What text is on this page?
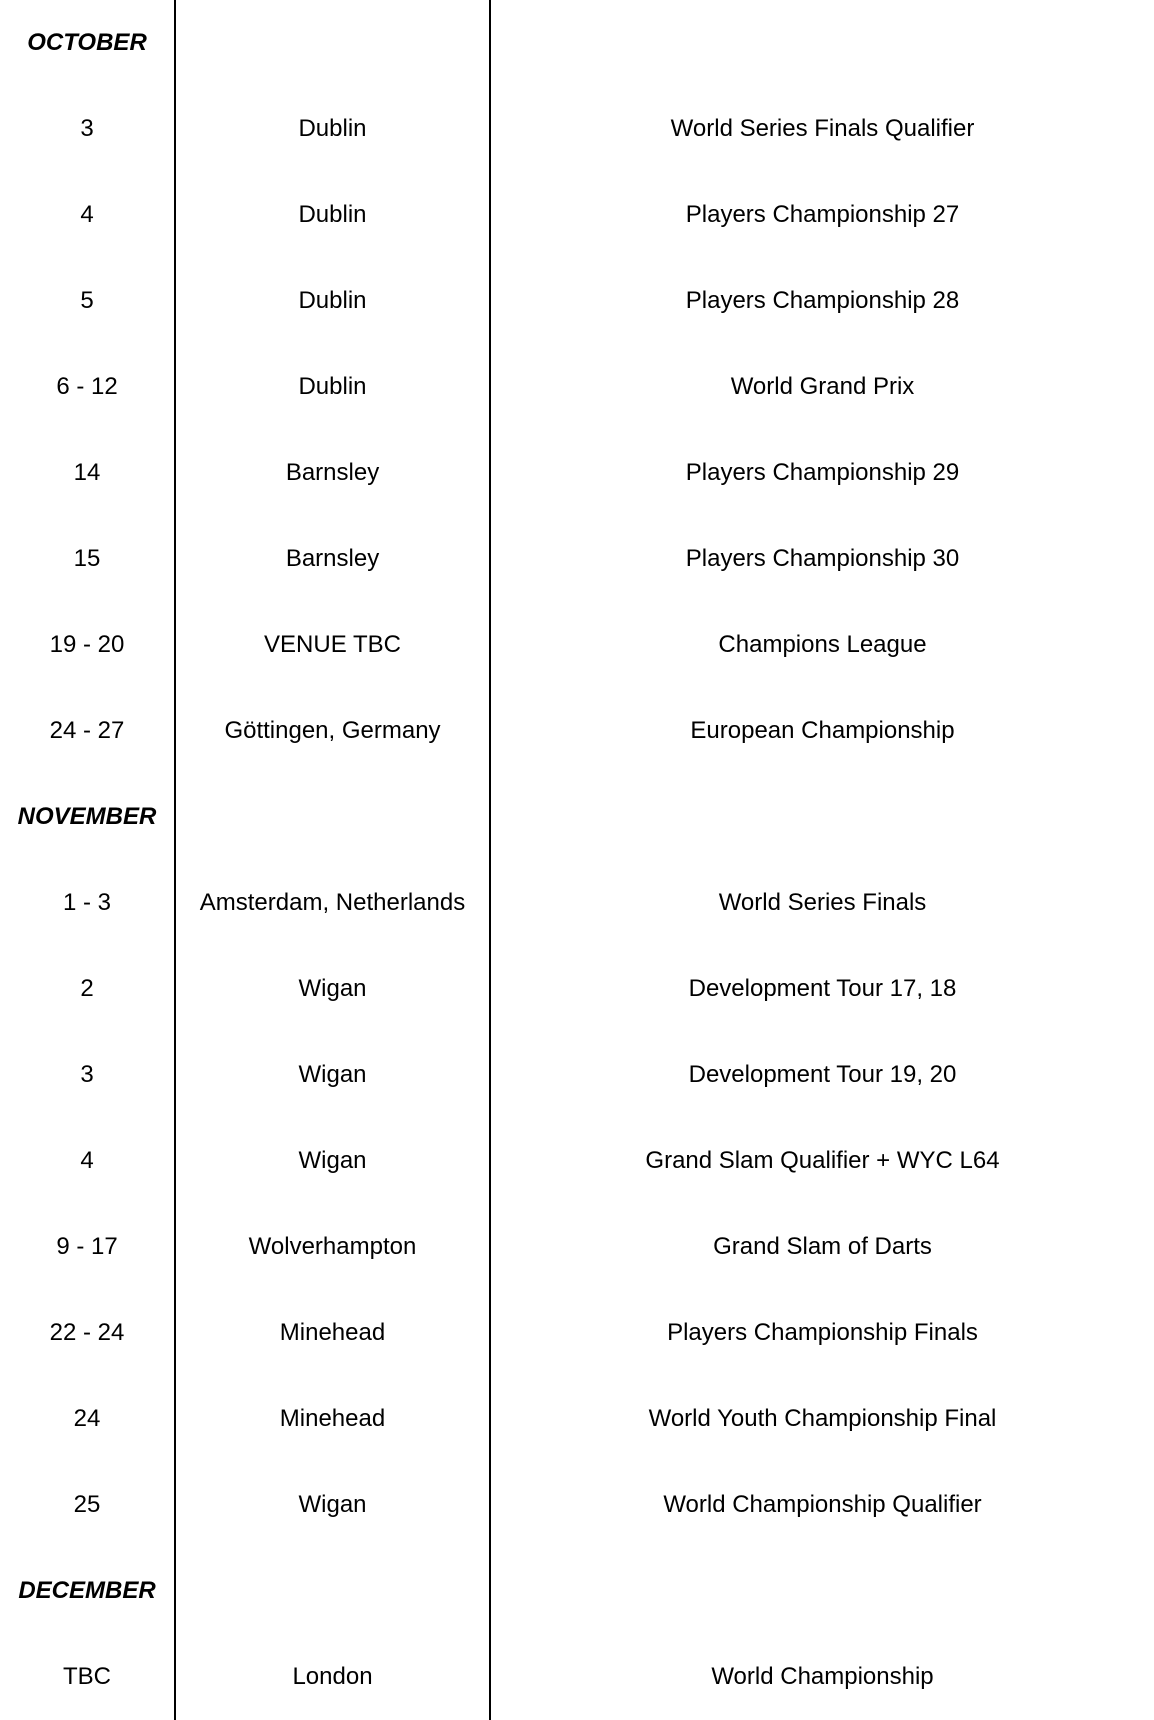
OCTOBER
3	Dublin	World Series Finals Qualifier
4	Dublin	Players Championship 27
5	Dublin	Players Championship 28
6 - 12	Dublin	World Grand Prix
14	Barnsley	Players Championship 29
15	Barnsley	Players Championship 30
19 - 20	VENUE TBC	Champions League
24 - 27	Göttingen, Germany	European Championship
NOVEMBER
1 - 3	Amsterdam, Netherlands	World Series Finals
2	Wigan	Development Tour 17, 18
3	Wigan	Development Tour 19, 20
4	Wigan	Grand Slam Qualifier + WYC L64
9 - 17	Wolverhampton	Grand Slam of Darts
22 - 24	Minehead	Players Championship Finals
24	Minehead	World Youth Championship Final
25	Wigan	World Championship Qualifier
DECEMBER
TBC	London	World Championship
